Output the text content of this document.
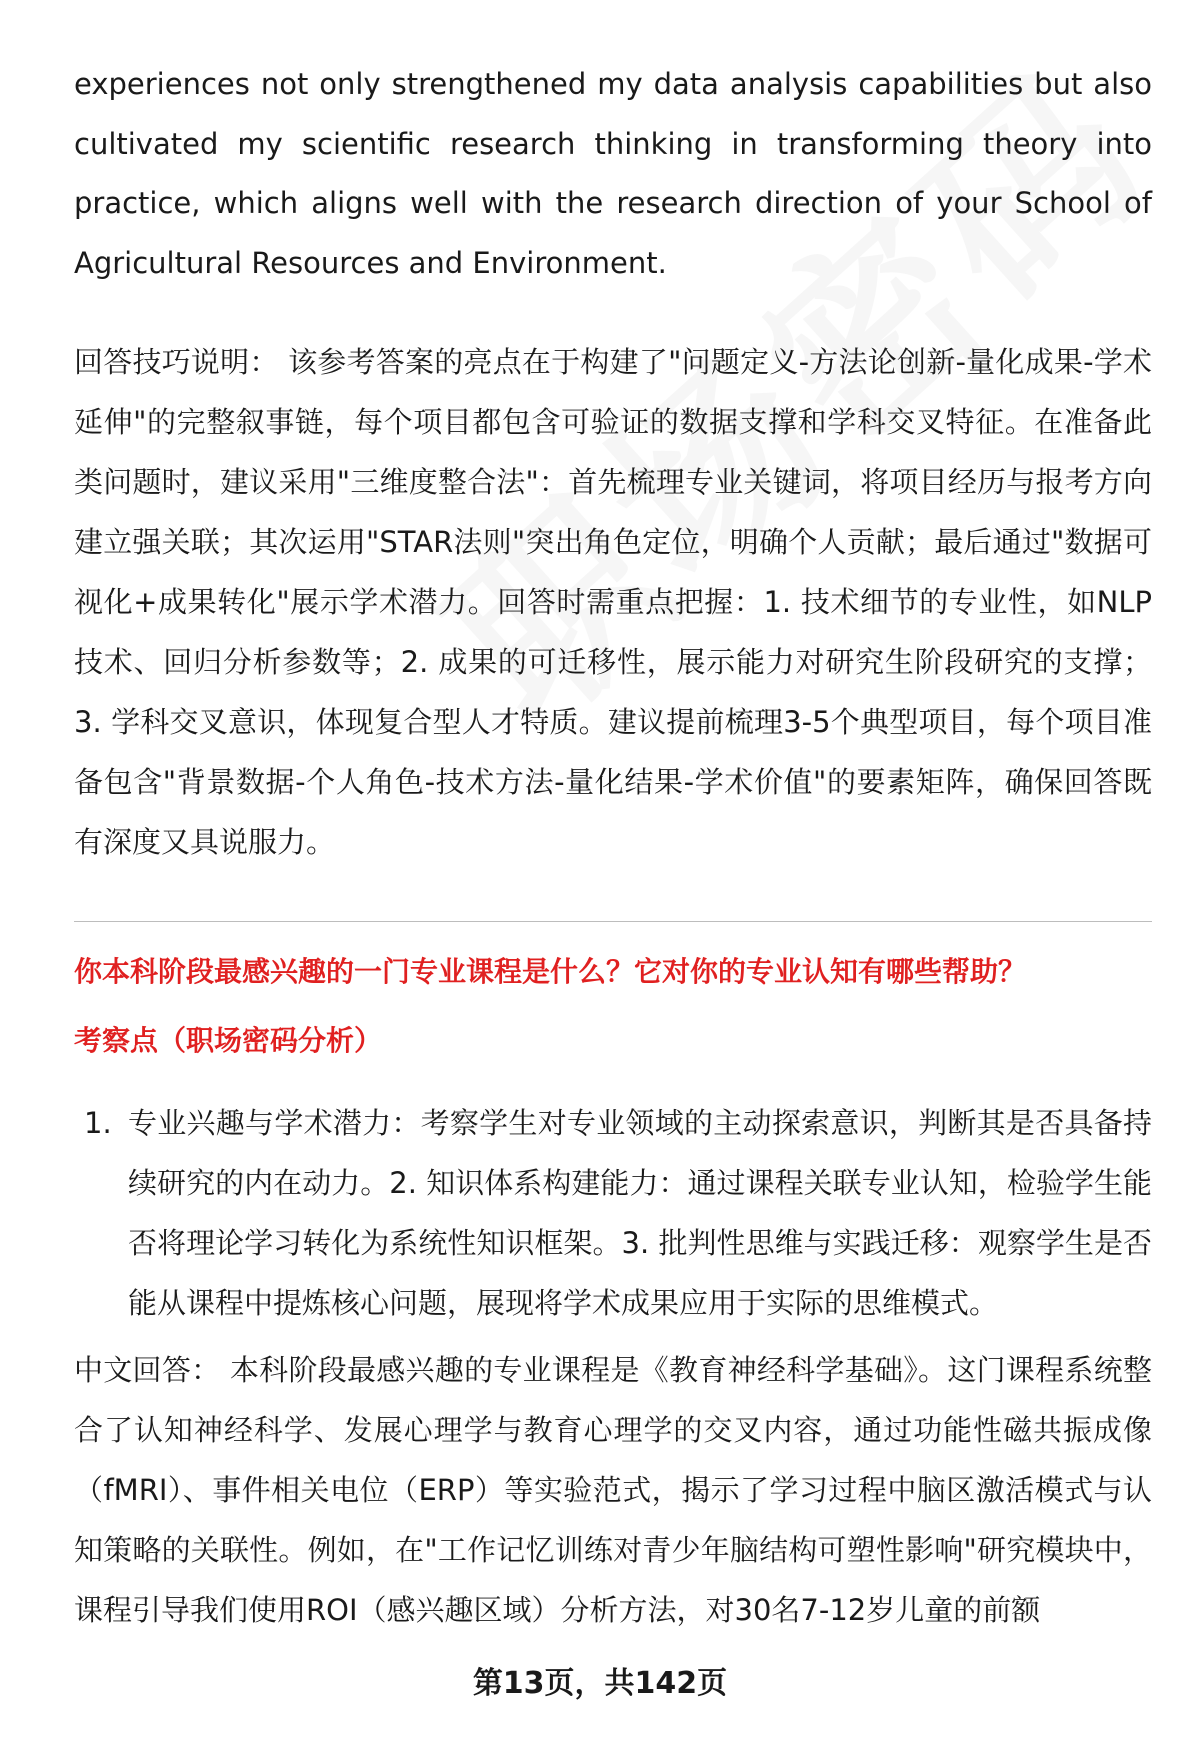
experiences not only strengthened my data analysis capabilities but also cultivated my scientific research thinking in transforming theory into practice, which aligns well with the research direction of your School of Agricultural Resources and Environment.

回答技巧说明： 该参考答案的亮点在于构建了"问题定义-方法论创新-量化成果-学术延伸"的完整叙事链，每个项目都包含可验证的数据支撑和学科交叉特征。在准备此类问题时，建议采用"三维度整合法"：首先梳理专业关键词，将项目经历与报考方向建立强关联；其次运用"STAR法则"突出角色定位，明确个人贡献；最后通过"数据可视化+成果转化"展示学术潜力。回答时需重点把握：1. 技术细节的专业性，如NLP技术、回归分析参数等；2. 成果的可迁移性，展示能力对研究生阶段研究的支撑；3. 学科交叉意识，体现复合型人才特质。建议提前梳理3-5个典型项目，每个项目准备包含"背景数据-个人角色-技术方法-量化结果-学术价值"的要素矩阵，确保回答既有深度又具说服力。

你本科阶段最感兴趣的一门专业课程是什么？它对你的专业认知有哪些帮助？

考察点（职场密码分析）

1. 专业兴趣与学术潜力：考察学生对专业领域的主动探索意识，判断其是否具备持续研究的内在动力。2. 知识体系构建能力：通过课程关联专业认知，检验学生能否将理论学习转化为系统性知识框架。3. 批判性思维与实践迁移：观察学生是否能从课程中提炼核心问题，展现将学术成果应用于实际的思维模式。

中文回答： 本科阶段最感兴趣的专业课程是《教育神经科学基础》。这门课程系统整合了认知神经科学、发展心理学与教育心理学的交叉内容，通过功能性磁共振成像（fMRI）、事件相关电位（ERP）等实验范式，揭示了学习过程中脑区激活模式与认知策略的关联性。例如，在"工作记忆训练对青少年脑结构可塑性影响"研究模块中，课程引导我们使用ROI（感兴趣区域）分析方法，对30名7-12岁儿童的前额

第13页，共142页
